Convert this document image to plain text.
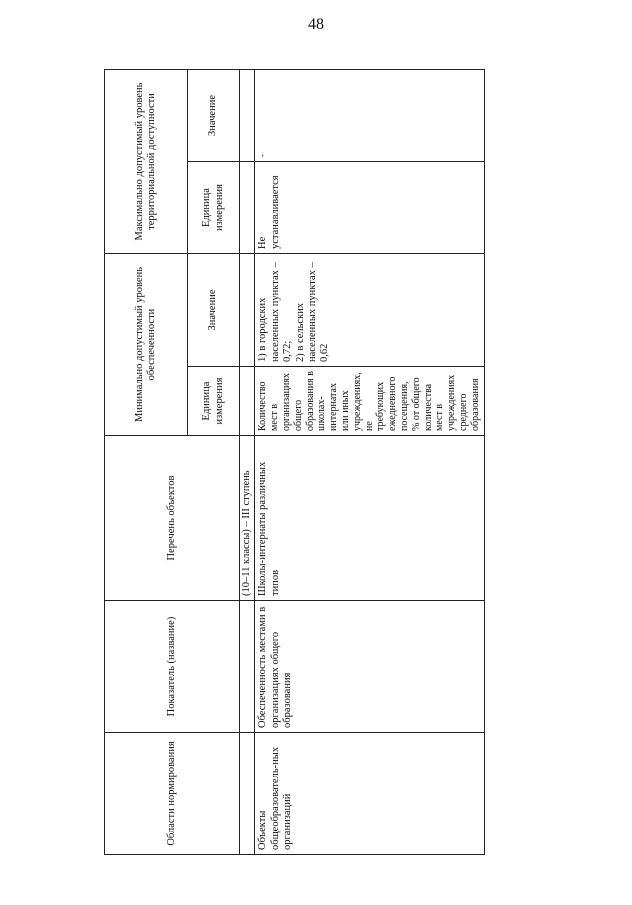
48
Области нормирования	Показатель (название)	Перечень объектов	Минимально допустимый уровень обеспеченности		Максимально допустимый уровень территориальной доступности	
			Единица измерения	Значение	Единица измерения	Значение
		(10–11 классы) – III ступень				
Объекты общеобразователь-ных организаций	Обеспеченность местами в организациях общего образования	Школы-интернаты различных типов	Количество мест в организациях общего образования в школах-интернатах или иных учреждениях, не требующих ежедневного посещения, % от общего количества мест в учреждениях среднего образования	1) в городских населенных пунктах – 0,72; 2) в сельских населенных пунктах – 0,62	Не устанавливается	-
